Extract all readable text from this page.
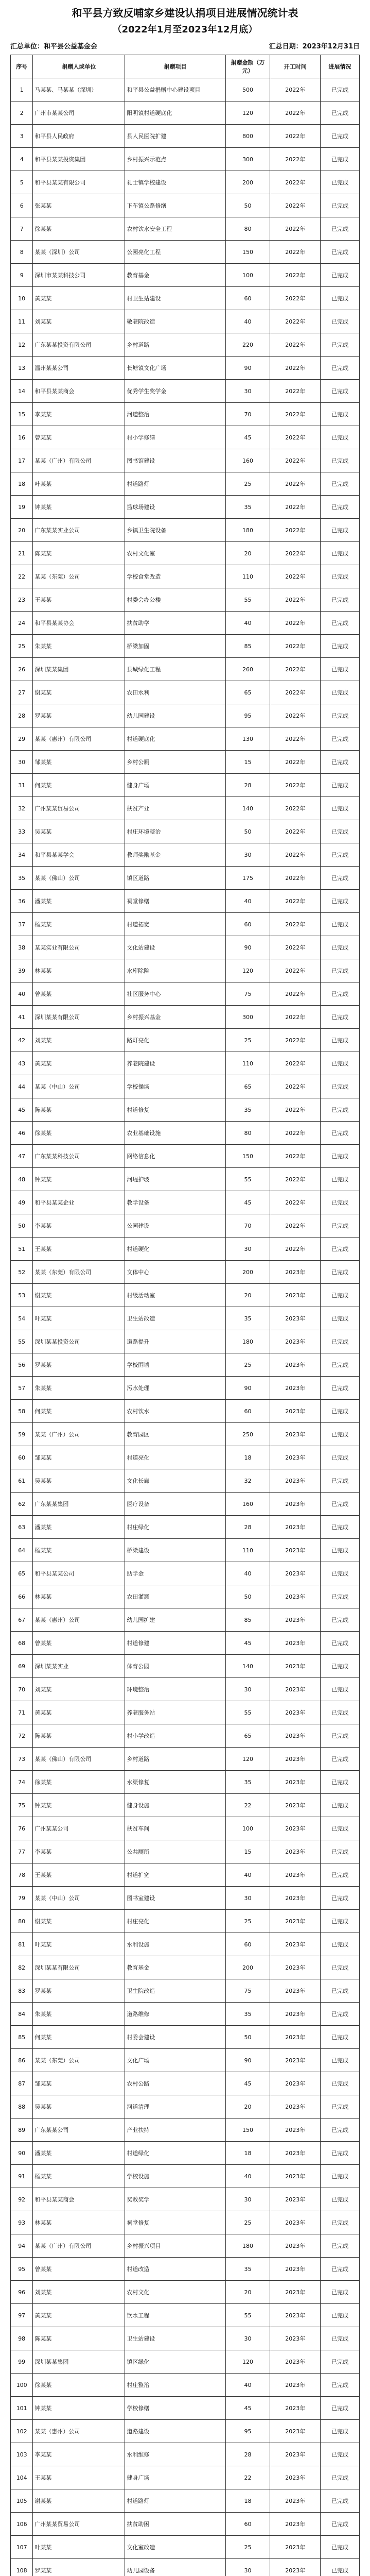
和平县方致反哺家乡建设认捐项目进展情况统计表
（2022年1月至2023年12月底）
汇总单位：和平县公益基金会	汇总日期：2023年12月31日
序号	捐赠人或单位	捐赠项目	捐赠金额（万元）	开工时间	进展情况
1	马某某、马某某（深圳）	和平县公益捐赠中心建设项目	500	2022年	已完成
2	广州市某某公司	阳明镇村道硬底化	120	2022年	已完成
3	和平县人民政府	县人民医院扩建	800	2022年	已完成
4	和平县某某投资集团	乡村振兴示范点	300	2022年	已完成
5	和平县某某有限公司	礼士镇学校建设	200	2022年	已完成
6	张某某	下车镇公路修缮	50	2022年	已完成
7	徐某某	农村饮水安全工程	80	2022年	已完成
8	某某（深圳）公司	公园亮化工程	150	2022年	已完成
9	深圳市某某科技公司	教育基金	100	2022年	已完成
10	黄某某	村卫生站建设	60	2022年	已完成
11	刘某某	敬老院改造	40	2022年	已完成
12	广东某某投资有限公司	乡村道路	220	2022年	已完成
13	温州某某公司	长塘镇文化广场	90	2022年	已完成
14	和平县某某商会	优秀学生奖学金	30	2022年	已完成
15	李某某	河道整治	70	2022年	已完成
16	曾某某	村小学修缮	45	2022年	已完成
17	某某（广州）有限公司	图书馆建设	160	2022年	已完成
18	叶某某	村道路灯	25	2022年	已完成
19	钟某某	篮球场建设	35	2022年	已完成
20	广东某某实业公司	乡镇卫生院设备	180	2022年	已完成
21	陈某某	农村文化室	20	2022年	已完成
22	某某（东莞）公司	学校食堂改造	110	2022年	已完成
23	王某某	村委会办公楼	55	2022年	已完成
24	和平县某某协会	扶贫助学	40	2022年	已完成
25	朱某某	桥梁加固	85	2022年	已完成
26	深圳某某集团	县城绿化工程	260	2022年	已完成
27	谢某某	农田水利	65	2022年	已完成
28	罗某某	幼儿园建设	95	2022年	已完成
29	某某（惠州）有限公司	村道硬底化	130	2022年	已完成
30	邹某某	乡村公厕	15	2022年	已完成
31	何某某	健身广场	28	2022年	已完成
32	广州某某贸易公司	扶贫产业	140	2022年	已完成
33	吴某某	村庄环境整治	50	2022年	已完成
34	和平县某某学会	教师奖励基金	30	2022年	已完成
35	某某（佛山）公司	镇区道路	175	2022年	已完成
36	潘某某	祠堂修缮	40	2022年	已完成
37	杨某某	村道拓宽	60	2022年	已完成
38	某某实业有限公司	文化站建设	90	2022年	已完成
39	林某某	水库除险	120	2022年	已完成
40	曾某某	社区服务中心	75	2022年	已完成
41	深圳某某有限公司	乡村振兴基金	300	2022年	已完成
42	刘某某	路灯亮化	25	2022年	已完成
43	黄某某	养老院建设	110	2022年	已完成
44	某某（中山）公司	学校操场	65	2022年	已完成
45	陈某某	村道修复	35	2022年	已完成
46	徐某某	农业基础设施	80	2022年	已完成
47	广东某某科技公司	网络信息化	150	2022年	已完成
48	钟某某	河堤护坡	55	2022年	已完成
49	和平县某某企业	教学设备	45	2022年	已完成
50	李某某	公园建设	70	2022年	已完成
51	王某某	村道硬化	30	2022年	已完成
52	某某（东莞）有限公司	文体中心	200	2023年	已完成
53	谢某某	村级活动室	20	2023年	已完成
54	叶某某	卫生站改造	35	2023年	已完成
55	深圳某某投资公司	道路提升	180	2023年	已完成
56	罗某某	学校围墙	25	2023年	已完成
57	朱某某	污水处理	90	2023年	已完成
58	何某某	农村饮水	60	2023年	已完成
59	某某（广州）公司	教育园区	250	2023年	已完成
60	邹某某	村道亮化	18	2023年	已完成
61	吴某某	文化长廊	32	2023年	已完成
62	广东某某集团	医疗设备	160	2023年	已完成
63	潘某某	村庄绿化	28	2023年	已完成
64	杨某某	桥梁建设	110	2023年	已完成
65	和平县某某公司	助学金	40	2023年	已完成
66	林某某	农田灌溉	50	2023年	已完成
67	某某（惠州）公司	幼儿园扩建	85	2023年	已完成
68	曾某某	村道修建	45	2023年	已完成
69	深圳某某实业	体育公园	140	2023年	已完成
70	刘某某	环境整治	30	2023年	已完成
71	黄某某	养老服务站	55	2023年	已完成
72	陈某某	村小学改造	65	2023年	已完成
73	某某（佛山）有限公司	乡村道路	120	2023年	已完成
74	徐某某	水渠修复	35	2023年	已完成
75	钟某某	健身设施	22	2023年	已完成
76	广州某某公司	扶贫车间	100	2023年	已完成
77	李某某	公共厕所	15	2023年	已完成
78	王某某	村道扩宽	40	2023年	已完成
79	某某（中山）公司	图书室建设	30	2023年	已完成
80	谢某某	村庄亮化	25	2023年	已完成
81	叶某某	水利设施	60	2023年	已完成
82	深圳某某有限公司	教育基金	200	2023年	已完成
83	罗某某	卫生院改造	75	2023年	已完成
84	朱某某	道路维修	35	2023年	已完成
85	何某某	村委会建设	50	2023年	已完成
86	某某（东莞）公司	文化广场	90	2023年	已完成
87	邹某某	农村公路	45	2023年	已完成
88	吴某某	河道清理	20	2023年	已完成
89	广东某某公司	产业扶持	150	2023年	已完成
90	潘某某	村道绿化	18	2023年	已完成
91	杨某某	学校设施	40	2023年	已完成
92	和平县某某商会	奖教奖学	30	2023年	已完成
93	林某某	祠堂修复	25	2023年	已完成
94	某某（广州）有限公司	乡村振兴项目	180	2023年	已完成
95	曾某某	村道改造	35	2023年	已完成
96	刘某某	农村文化	20	2023年	已完成
97	黄某某	饮水工程	55	2023年	已完成
98	陈某某	卫生站建设	30	2023年	已完成
99	深圳某某集团	镇区绿化	120	2023年	已完成
100	徐某某	村庄整治	40	2023年	已完成
101	钟某某	学校修缮	45	2023年	已完成
102	某某（惠州）公司	道路建设	95	2023年	已完成
103	李某某	水利维修	28	2023年	已完成
104	王某某	健身广场	22	2023年	已完成
105	谢某某	村道路灯	18	2023年	已完成
106	广州某某贸易公司	扶贫助困	60	2023年	已完成
107	叶某某	文化室改造	25	2023年	已完成
108	罗某某	幼儿园设备	30	2023年	已完成
